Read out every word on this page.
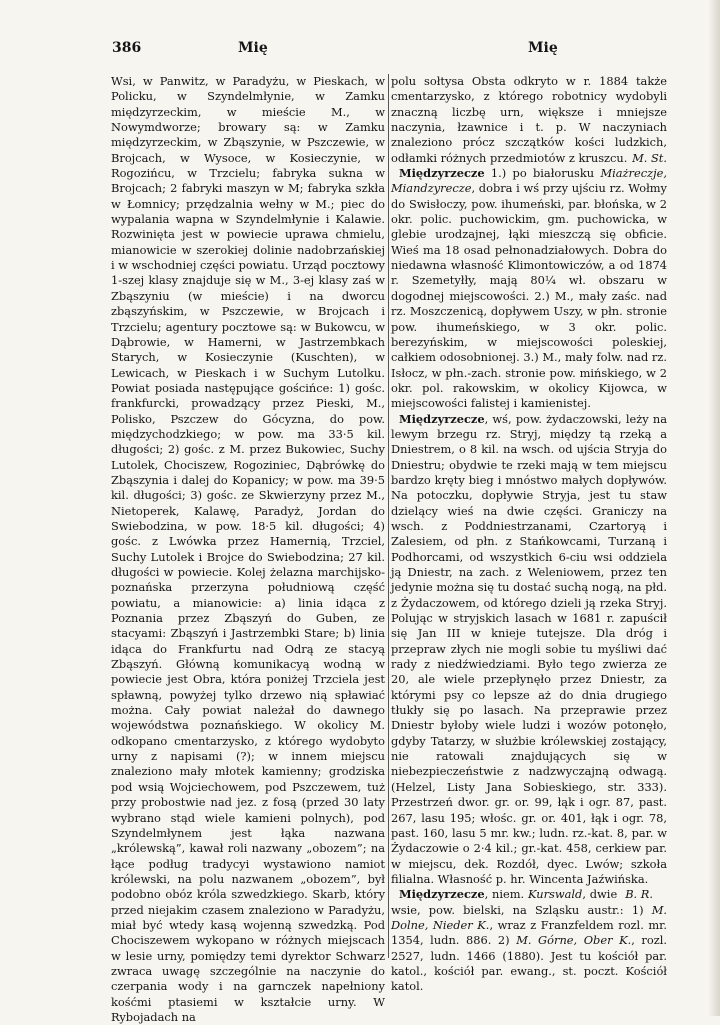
386	Mię	Mię

Wsi, w Panwitz, w Paradyżu, w Pieskach, w Policku, w Szyndelmłynie, w Zamku międzyrzeckim, w mieście M., w Nowymdworze; browary są: w Zamku międzyrzeckim, w Zbąszynie, w Pszczewie, w Brojcach, w Wysoce, w Kosieczynie, w Rogozińcu, w Trzcielu; fabryka sukna w Brojcach; 2 fabryki maszyn w M; fabryka szkła w Łomnicy; przędzalnia wełny w M.; piec do wypalania wapna w Szyndelmłynie i Kalawie. Rozwinięta jest w powiecie uprawa chmielu, mianowicie w szerokiej dolinie nadobrzańskiej i w wschodniej części powiatu. Urząd pocztowy 1-szej klasy znajduje się w M., 3-ej klasy zaś w Zbąszyniu (w mieście) i na dworcu zbąszyńskim, w Pszczewie, w Brojcach i Trzcielu; agentury pocztowe są: w Bukowcu, w Dąbrowie, w Hamerni, w Jastrzembkach Starych, w Kosieczynie (Kuschten), w Lewicach, w Pieskach i w Suchym Lutolku. Powiat posiada następujące gościńce: 1) gośc. frankfurcki, prowadzący przez Pieski, M., Polisko, Pszczew do Gócyzna, do pow. międzychodzkiego; w pow. ma 33·5 kil. długości; 2) gośc. z M. przez Bukowiec, Suchy Lutolek, Chociszew, Rogoziniec, Dąbrówkę do Zbąszynia i dalej do Kopanicy; w pow. ma 39·5 kil. długości; 3) gośc. ze Skwierzyny przez M., Nietoperek, Kalawę, Paradyż, Jordan do Swiebodzina, w pow. 18·5 kil. długości; 4) gośc. z Lwówka przez Hamernią, Trzciel, Suchy Lutolek i Brojce do Swiebodzina; 27 kil. długości w powiecie. Kolej żelazna marchijsko-poznańska przerzyna południową część powiatu, a mianowicie: a) linia idąca z Poznania przez Zbąszyń do Guben, ze stacyami: Zbąszyń i Jastrzembki Stare; b) linia idąca do Frankfurtu nad Odrą ze stacyą Zbąszyń. Główną komunikacyą wodną w powiecie jest Obra, która poniżej Trzciela jest spławną, powyżej tylko drzewo nią spławiać można. Cały powiat należał do dawnego wojewódstwa poznańskiego. W okolicy M. odkopano cmentarzysko, z którego wydobyto urny z napisami (?); w innem miejscu znaleziono mały młotek kamienny; grodziska pod wsią Wojciechowem, pod Pszczewem, tuż przy probostwie nad jez. z fosą (przed 30 laty wybrano stąd wiele kamieni polnych), pod Szyndelmłynem jest łąka nazwana „królewską”, kawał roli nazwany „obozem”; na łące podług tradycyi wystawiono namiot królewski, na polu nazwanem „obozem”, był podobno obóz króla szwedzkiego. Skarb, który przed niejakim czasem znaleziono w Paradyżu, miał być wtedy kasą wojenną szwedzką. Pod Chociszewem wykopano w różnych miejscach w lesie urny, pomiędzy temi dyrektor Schwarz zwraca uwagę szczególnie na naczynie do czerpania wody i na garnczek napełniony kośćmi ptasiemi w kształcie urny. W Rybojadach na

polu sołtysa Obsta odkryto w r. 1884 także cmentarzysko, z którego robotnicy wydobyli znaczną liczbę urn, większe i mniejsze naczynia, łzawnice i t. p. W naczyniach znaleziono prócz szczątków kości ludzkich, odłamki różnych przedmiotów z kruszcu. M. St.

Międzyrzecze 1.) po białorusku Miażreczje, Miandzyrecze, dobra i wś przy ujściu rz. Wołmy do Swisłoczy, pow. ihumeński, par. błońska, w 2 okr. polic. puchowickim, gm. puchowicka, w glebie urodzajnej, łąki mieszczą się obficie. Wieś ma 18 osad pełnonadziałowych. Dobra do niedawna własność Klimontowiczów, a od 1874 r. Szemetyłły, mają 80¼ wł. obszaru w dogodnej miejscowości. 2.) M., mały zaśc. nad rz. Moszczenicą, dopływem Uszy, w płn. stronie pow. ihumeńskiego, w 3 okr. polic. berezyńskim, w miejscowości poleskiej, całkiem odosobnionej. 3.) M., mały folw. nad rz. Isłocz, w płn.-zach. stronie pow. mińskiego, w 2 okr. pol. rakowskim, w okolicy Kijowca, w miejscowości falistej i kamienistej.

Międzyrzecze, wś, pow. żydaczowski, leży na lewym brzegu rz. Stryj, między tą rzeką a Dniestrem, o 8 kil. na wsch. od ujścia Stryja do Dniestru; obydwie te rzeki mają w tem miejscu bardzo kręty bieg i mnóstwo małych dopływów. Na potoczku, dopływie Stryja, jest tu staw dzielący wieś na dwie części. Graniczy na wsch. z Poddniestrzanami, Czartoryą i Zalesiem, od płn. z Stańkowcami, Turzaną i Podhorcami, od wszystkich 6-ciu wsi oddziela ją Dniestr, na zach. z Weleniowem, przez ten jedynie można się tu dostać suchą nogą, na płd. z Żydaczowem, od którego dzieli ją rzeka Stryj. Polując w stryjskich lasach w 1681 r. zapuścił się Jan III w knieje tutejsze. Dla dróg i przepraw złych nie mogli sobie tu myśliwi dać rady z niedźwiedziami. Było tego zwierza ze 20, ale wiele przepłynęło przez Dniestr, za którymi psy co lepsze aż do dnia drugiego tłukły się po lasach. Na przeprawie przez Dniestr byłoby wiele ludzi i wozów potonęło, gdyby Tatarzy, w służbie królewskiej zostający, nie ratowali znajdujących się w niebezpieczeństwie z nadzwyczajną odwagą. (Helzel, Listy Jana Sobieskiego, str. 333). Przestrzeń dwor. gr. or. 99, łąk i ogr. 87, past. 267, lasu 195; włośc. gr. or. 401, łąk i ogr. 78, past. 160, lasu 5 mr. kw.; ludn. rz.-kat. 8, par. w Żydaczowie o 2·4 kil.; gr.-kat. 458, cerkiew par. w miejscu, dek. Rozdół, dyec. Lwów; szkoła filialna. Własność p. hr. Wincenta Jaźwińska.
B. R.

Międzyrzecze, niem. Kurswald, dwie wsie, pow. bielski, na Szląsku austr.: 1) M. Dolne, Nieder K., wraz z Franzfeldem rozl. mr. 1354, ludn. 886. 2) M. Górne, Ober K., rozl. 2527, ludn. 1466 (1880). Jest tu kościół par. katol., kościół par. ewang., st. poczt. Kościół katol.
